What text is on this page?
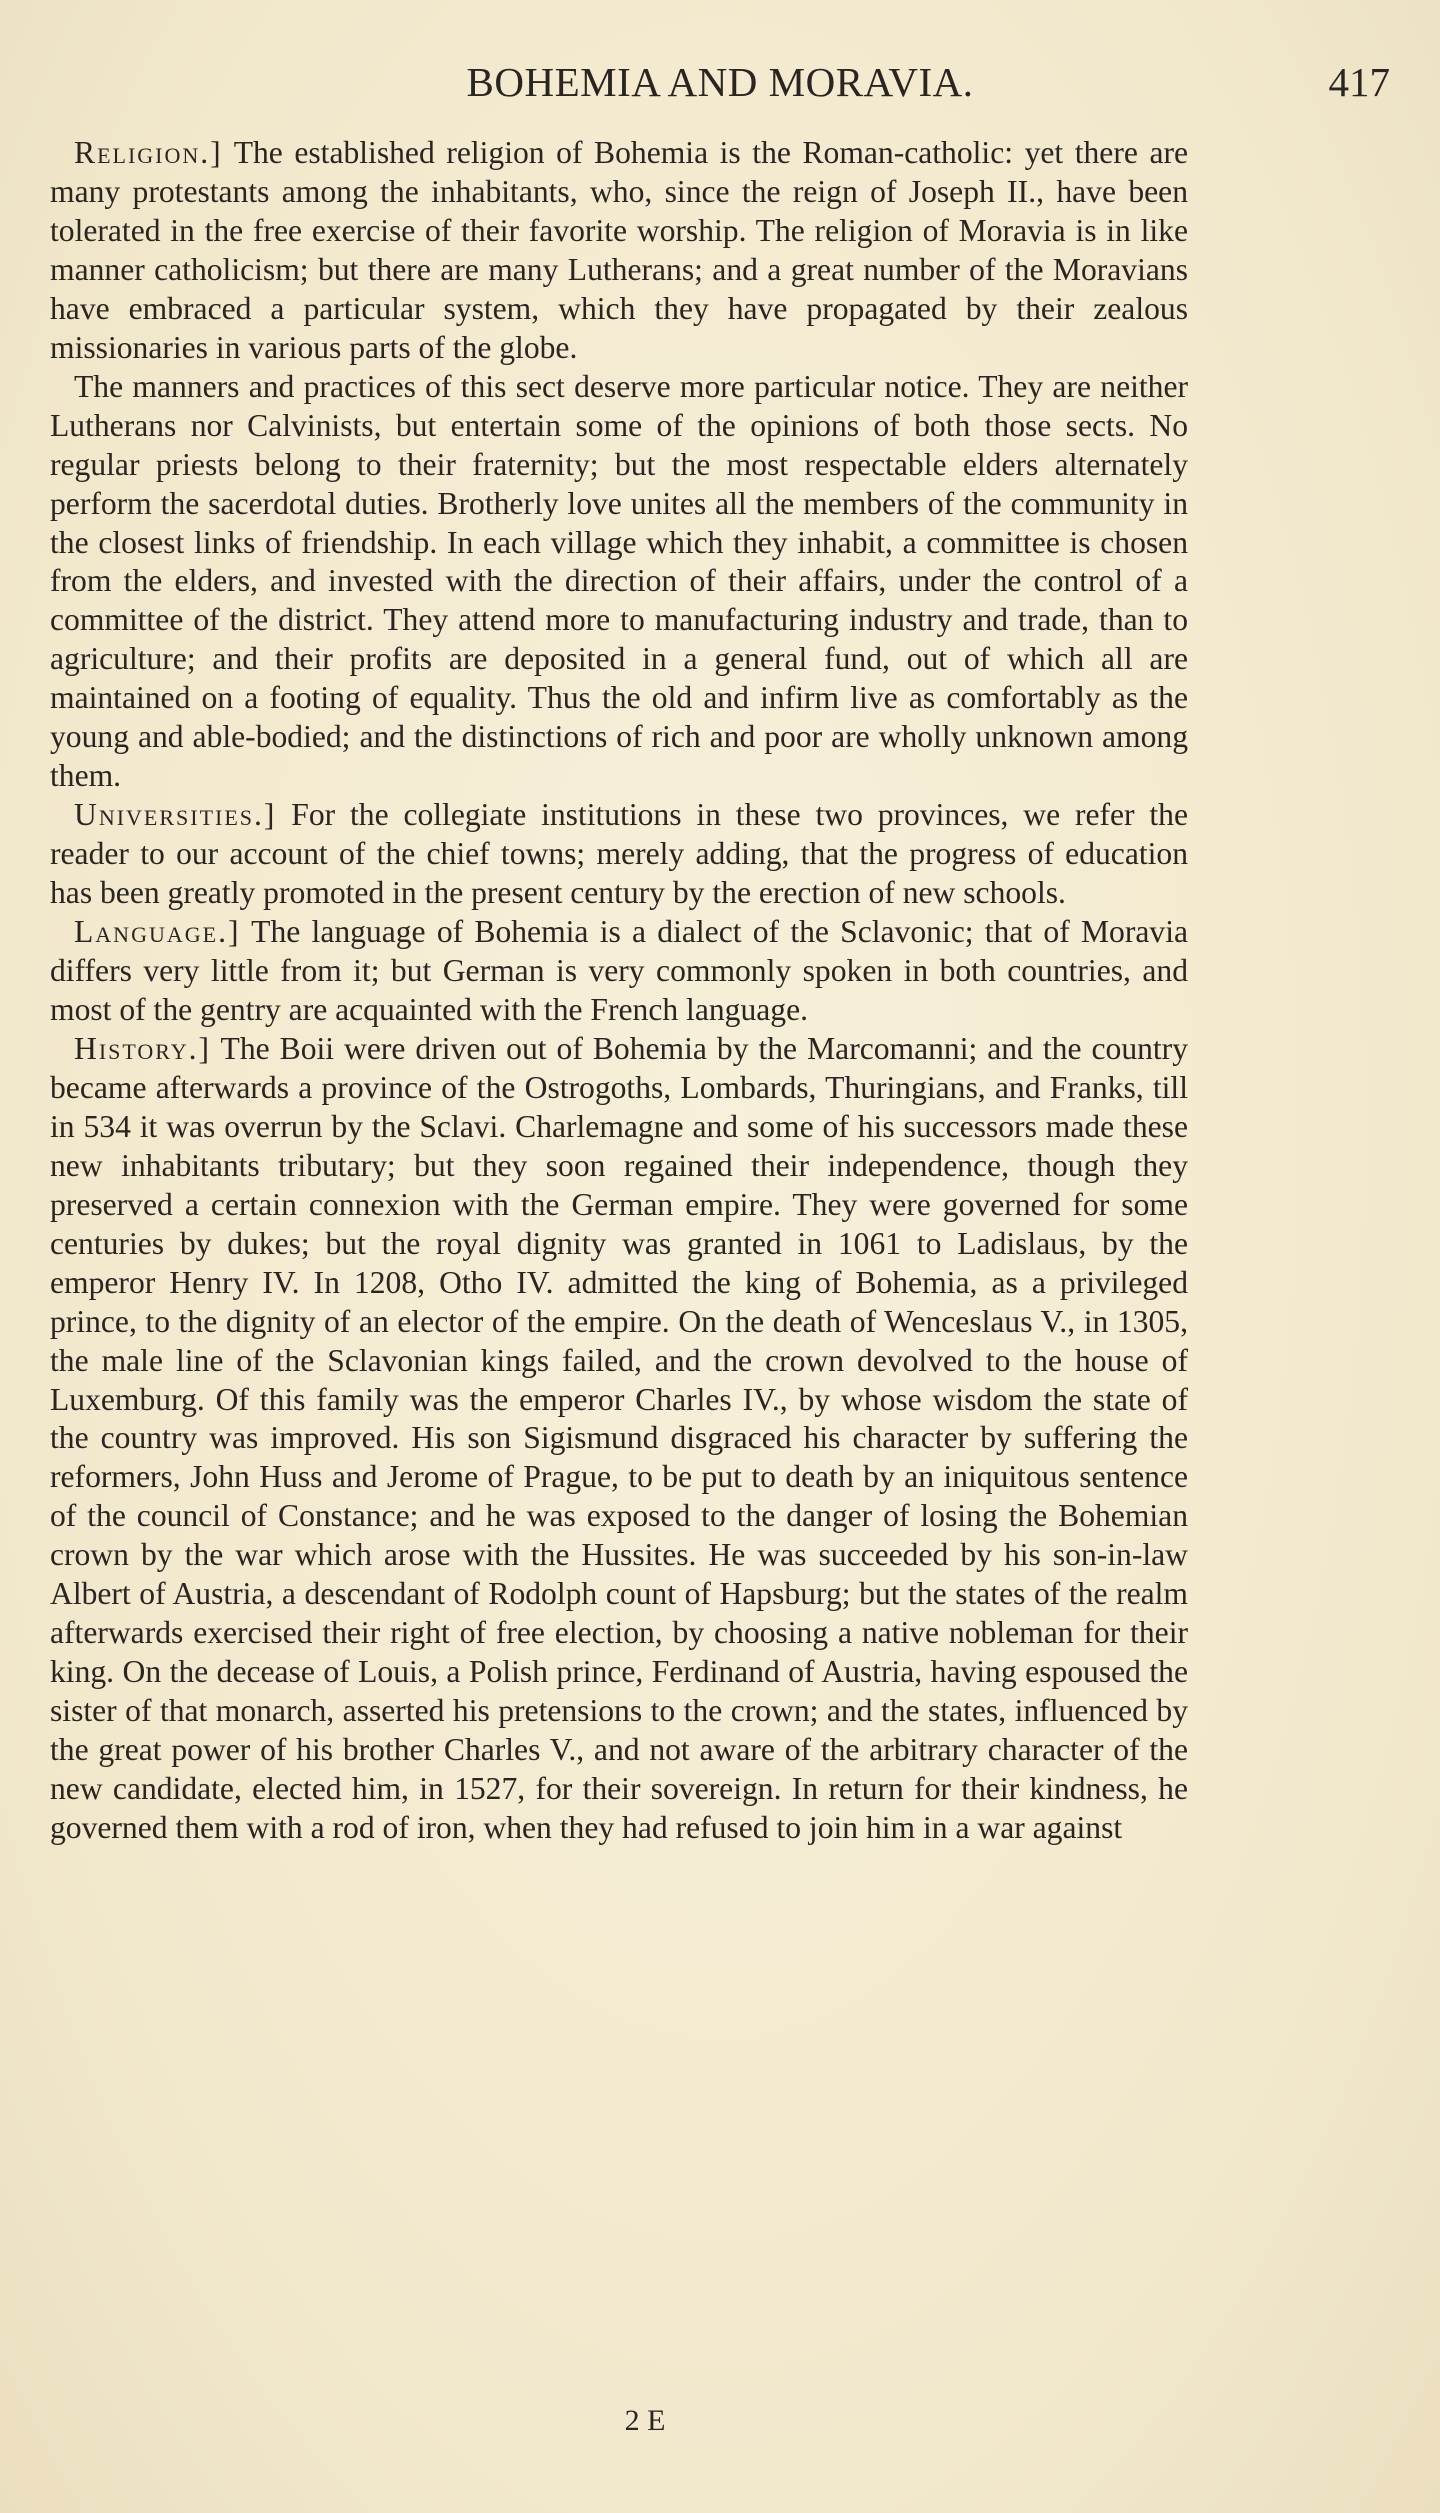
BOHEMIA AND MORAVIA.	417

Religion.] The established religion of Bohemia is the Roman-catholic: yet there are many protestants among the inhabitants, who, since the reign of Joseph II., have been tolerated in the free exercise of their favorite worship. The religion of Moravia is in like manner catholicism; but there are many Lutherans; and a great number of the Moravians have embraced a particular system, which they have propagated by their zealous missionaries in various parts of the globe.

The manners and practices of this sect deserve more particular notice. They are neither Lutherans nor Calvinists, but entertain some of the opinions of both those sects. No regular priests belong to their fraternity; but the most respectable elders alternately perform the sacerdotal duties. Brotherly love unites all the members of the community in the closest links of friendship. In each village which they inhabit, a committee is chosen from the elders, and invested with the direction of their affairs, under the control of a committee of the district. They attend more to manufacturing industry and trade, than to agriculture; and their profits are deposited in a general fund, out of which all are maintained on a footing of equality. Thus the old and infirm live as comfortably as the young and able-bodied; and the distinctions of rich and poor are wholly unknown among them.

Universities.] For the collegiate institutions in these two provinces, we refer the reader to our account of the chief towns; merely adding, that the progress of education has been greatly promoted in the present century by the erection of new schools.

Language.] The language of Bohemia is a dialect of the Sclavonic; that of Moravia differs very little from it; but German is very commonly spoken in both countries, and most of the gentry are acquainted with the French language.

History.] The Boii were driven out of Bohemia by the Marcomanni; and the country became afterwards a province of the Ostrogoths, Lombards, Thuringians, and Franks, till in 534 it was overrun by the Sclavi. Charlemagne and some of his successors made these new inhabitants tributary; but they soon regained their independence, though they preserved a certain connexion with the German empire. They were governed for some centuries by dukes; but the royal dignity was granted in 1061 to Ladislaus, by the emperor Henry IV. In 1208, Otho IV. admitted the king of Bohemia, as a privileged prince, to the dignity of an elector of the empire. On the death of Wenceslaus V., in 1305, the male line of the Sclavonian kings failed, and the crown devolved to the house of Luxemburg. Of this family was the emperor Charles IV., by whose wisdom the state of the country was improved. His son Sigismund disgraced his character by suffering the reformers, John Huss and Jerome of Prague, to be put to death by an iniquitous sentence of the council of Constance; and he was exposed to the danger of losing the Bohemian crown by the war which arose with the Hussites. He was succeeded by his son-in-law Albert of Austria, a descendant of Rodolph count of Hapsburg; but the states of the realm afterwards exercised their right of free election, by choosing a native nobleman for their king. On the decease of Louis, a Polish prince, Ferdinand of Austria, having espoused the sister of that monarch, asserted his pretensions to the crown; and the states, influenced by the great power of his brother Charles V., and not aware of the arbitrary character of the new candidate, elected him, in 1527, for their sovereign. In return for their kindness, he governed them with a rod of iron, when they had refused to join him in a war against

2 E
